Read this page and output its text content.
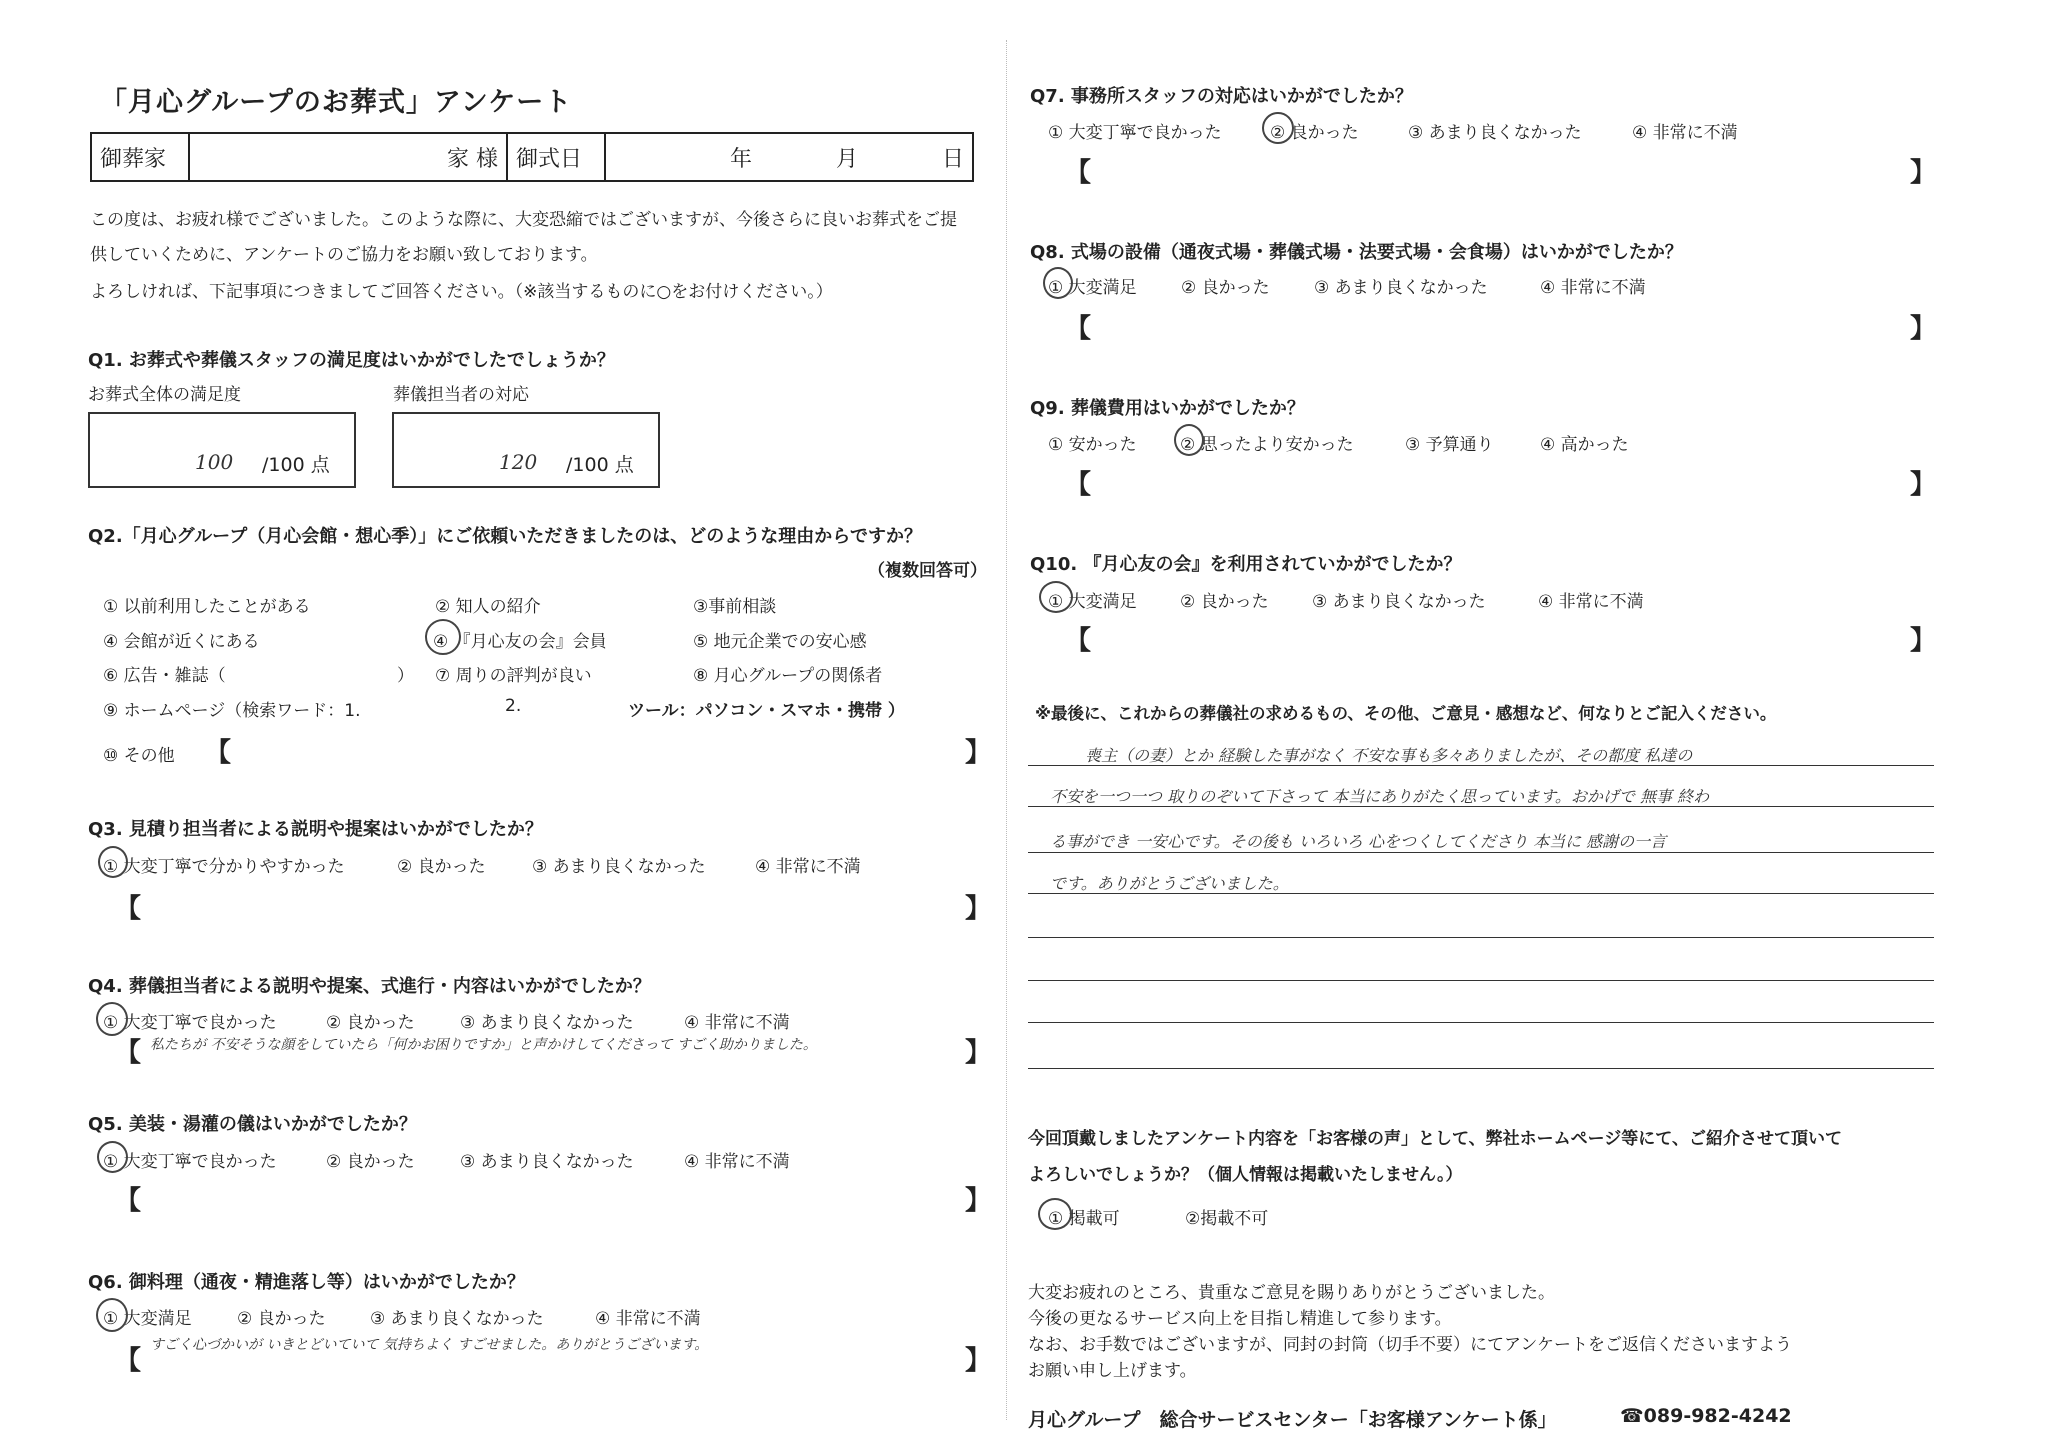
「月心グループのお葬式」アンケート
御葬家	家 様	御式日	年	月	日
この度は、お疲れ様でございました。このような際に、大変恐縮ではございますが、今後さらに良いお葬式をご提
供していくために、アンケートのご協力をお願い致しております。
よろしければ、下記事項につきましてご回答ください。（※該当するものに○をお付けください。）
Q1. お葬式や葬儀スタッフの満足度はいかがでしたでしょうか？
お葬式全体の満足度	葬儀担当者の対応
100 /100 点	120 /100 点
Q2.「月心グループ（月心会館・想心季）」にご依頼いただきましたのは、どのような理由からですか？
（複数回答可）
① 以前利用したことがある	② 知人の紹介	③事前相談
④ 会館が近くにある	④ 『月心友の会』会員	⑤ 地元企業での安心感
⑥ 広告・雑誌（	） ⑦ 周りの評判が良い	⑧ 月心グループの関係者
⑨ ホームページ（検索ワード：1.	2.	ツール：パソコン・スマホ・携帯 ）
⑩ その他 【	】
Q3. 見積り担当者による説明や提案はいかがでしたか？
① 大変丁寧で分かりやすかった	② 良かった	③ あまり良くなかった	④ 非常に不満
【	】
Q4. 葬儀担当者による説明や提案、式進行・内容はいかがでしたか？
① 大変丁寧で良かった	② 良かった	③ あまり良くなかった	④ 非常に不満
【 私たちが 不安そうな顔をしていたら「何かお困りですか」と声かけしてくださって すごく助かりました。	】
Q5. 美装・湯灌の儀はいかがでしたか？
① 大変丁寧で良かった	② 良かった	③ あまり良くなかった	④ 非常に不満
【	】
Q6. 御料理（通夜・精進落し等）はいかがでしたか？
① 大変満足	② 良かった	③ あまり良くなかった	④ 非常に不満
【
すごく心づかいが いきとどいていて 気持ちよく すごせました。ありがとうございます。
】
Q7. 事務所スタッフの対応はいかがでしたか？
① 大変丁寧で良かった	② 良かった	③ あまり良くなかった	④ 非常に不満
【	】
Q8. 式場の設備（通夜式場・葬儀式場・法要式場・会食場）はいかがでしたか？
① 大変満足	② 良かった	③ あまり良くなかった	④ 非常に不満
【	】
Q9. 葬儀費用はいかがでしたか？
① 安かった	② 思ったより安かった	③ 予算通り	④ 高かった
【	】
Q10. 『月心友の会』を利用されていかがでしたか？
① 大変満足	② 良かった	③ あまり良くなかった	④ 非常に不満
【	】
※最後に、これからの葬儀社の求めるもの、その他、ご意見・感想など、何なりとご記入ください。
喪主（の妻）とか 経験した事がなく 不安な事も多々ありましたが、その都度 私達の
不安を一つ一つ 取りのぞいて下さって 本当にありがたく思っています。おかげで 無事 終わ
る事ができ 一安心です。その後も いろいろ 心をつくしてくださり 本当に 感謝の一言
です。ありがとうございました。
今回頂戴しましたアンケート内容を「お客様の声」として、弊社ホームページ等にて、ご紹介させて頂いて
よろしいでしょうか？（個人情報は掲載いたしません。）
① 掲載可	②掲載不可
大変お疲れのところ、貴重なご意見を賜りありがとうございました。
今後の更なるサービス向上を目指し精進して参ります。
なお、お手数ではございますが、同封の封筒（切手不要）にてアンケートをご返信くださいますよう
お願い申し上げます。
月心グループ　総合サービスセンター「お客様アンケート係」	☎089-982-4242
